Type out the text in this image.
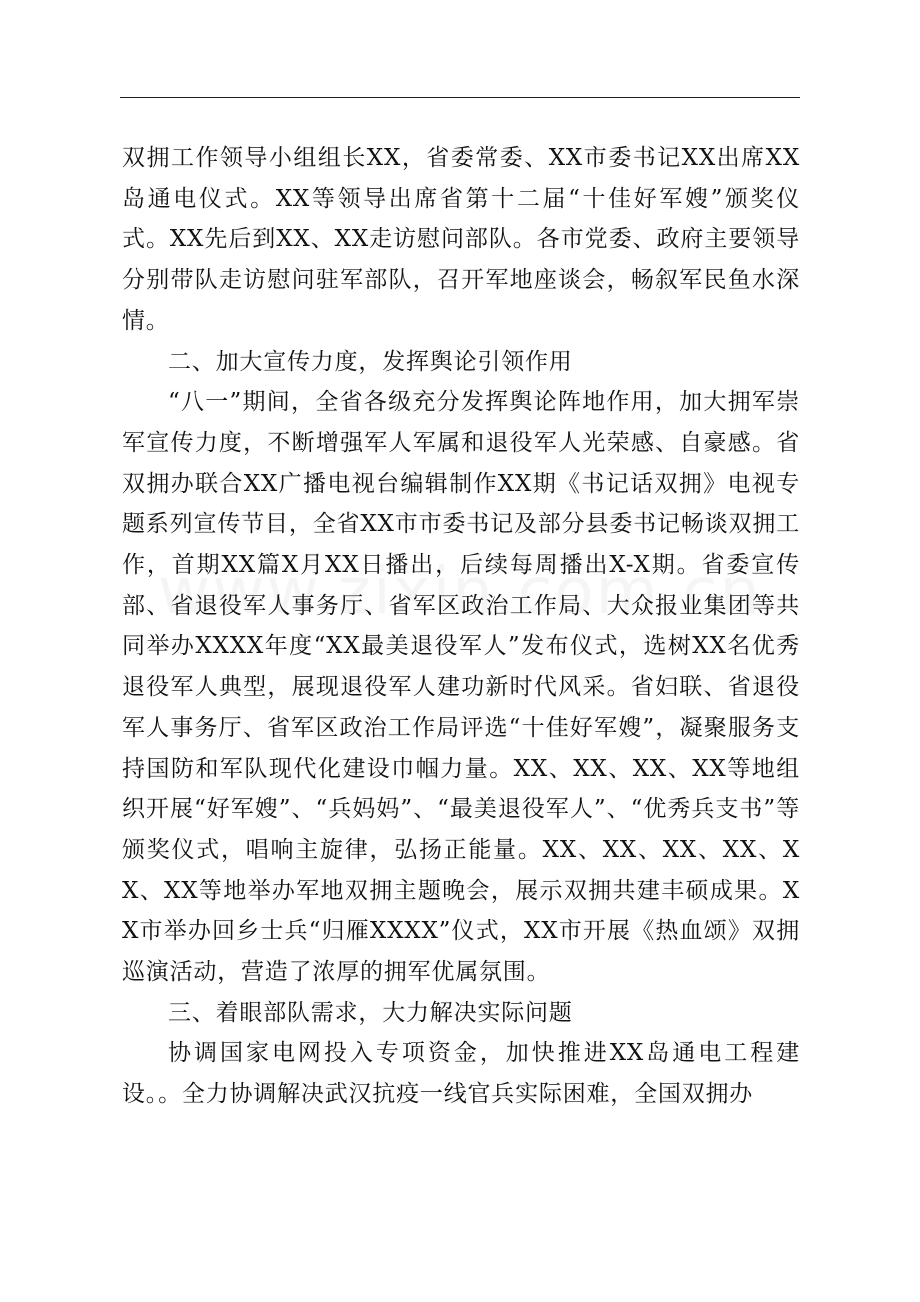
双拥工作领导小组组长XX，省委常委、XX市委书记XX出席XX岛通电仪式。XX等领导出席省第十二届“十佳好军嫂”颁奖仪式。XX先后到XX、XX走访慰问部队。各市党委、政府主要领导分别带队走访慰问驻军部队，召开军地座谈会，畅叙军民鱼水深情。

二、加大宣传力度，发挥舆论引领作用

“八一”期间，全省各级充分发挥舆论阵地作用，加大拥军崇军宣传力度，不断增强军人军属和退役军人光荣感、自豪感。省双拥办联合XX广播电视台编辑制作XX期《书记话双拥》电视专题系列宣传节目，全省XX市市委书记及部分县委书记畅谈双拥工作，首期XX篇X月XX日播出，后续每周播出X-X期。省委宣传部、省退役军人事务厅、省军区政治工作局、大众报业集团等共同举办XXXX年度“XX最美退役军人”发布仪式，选树XX名优秀退役军人典型，展现退役军人建功新时代风采。省妇联、省退役军人事务厅、省军区政治工作局评选“十佳好军嫂”，凝聚服务支持国防和军队现代化建设巾帼力量。XX、XX、XX、XX等地组织开展“好军嫂”、“兵妈妈”、“最美退役军人”、“优秀兵支书”等颁奖仪式，唱响主旋律，弘扬正能量。XX、XX、XX、XX、XX、XX等地举办军地双拥主题晚会，展示双拥共建丰硕成果。XX市举办回乡士兵“归雁XXXX”仪式，XX市开展《热血颂》双拥巡演活动，营造了浓厚的拥军优属氛围。

三、着眼部队需求，大力解决实际问题

协调国家电网投入专项资金，加快推进XX岛通电工程建设。。全力协调解决武汉抗疫一线官兵实际困难，全国双拥办
